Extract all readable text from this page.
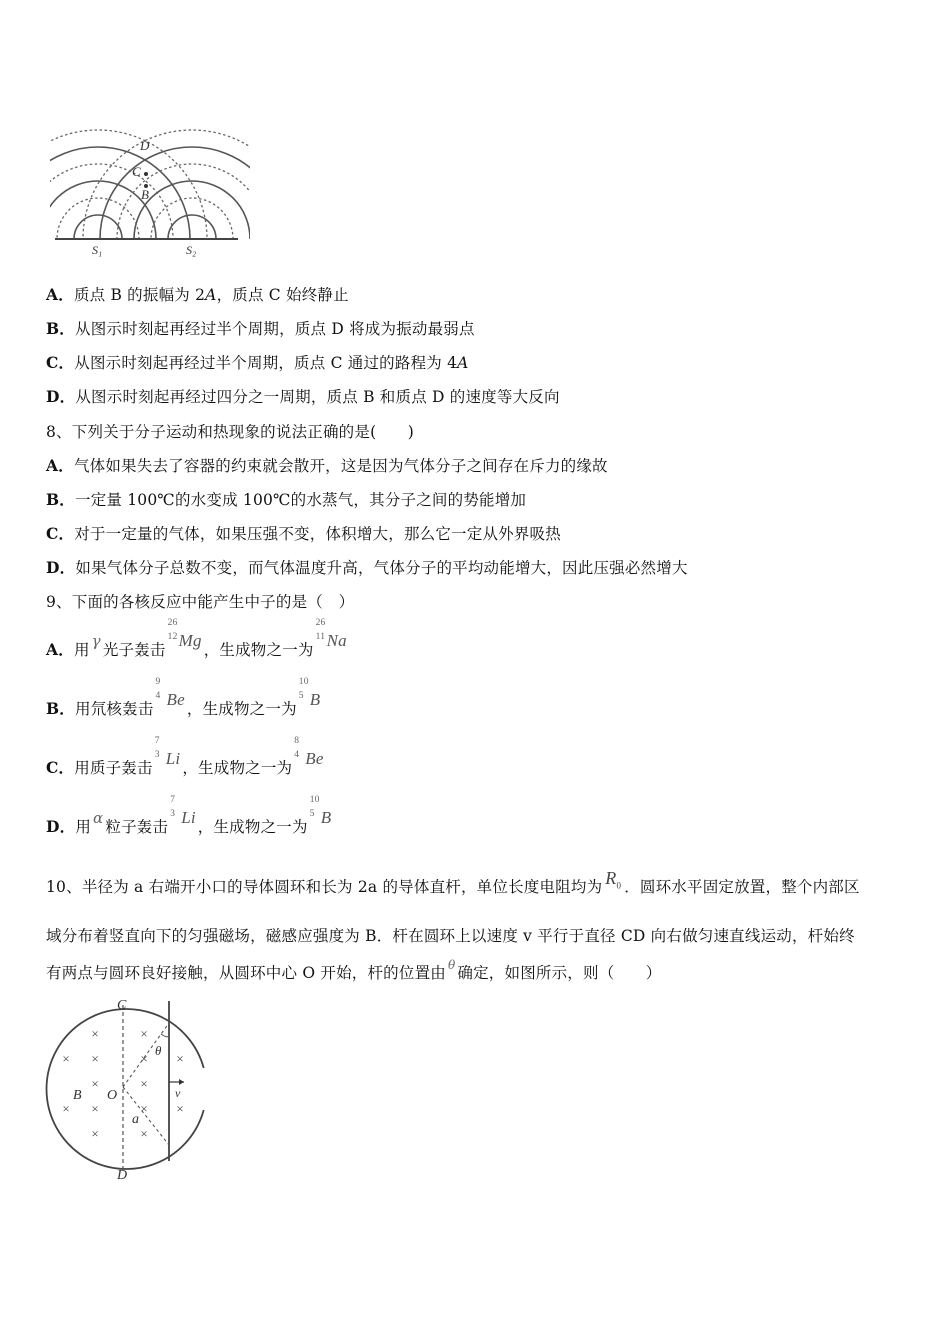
D
C
B
S₁	S₂
A．质点 B 的振幅为 2A，质点 C 始终静止
B．从图示时刻起再经过半个周期，质点 D 将成为振动最弱点
C．从图示时刻起再经过半个周期，质点 C 通过的路程为 4A
D．从图示时刻起再经过四分之一周期，质点 B 和质点 D 的速度等大反向
8、下列关于分子运动和热现象的说法正确的是(　　)
A．气体如果失去了容器的约束就会散开，这是因为气体分子之间存在斥力的缘故
B．一定量 100℃的水变成 100℃的水蒸气，其分子之间的势能增加
C．对于一定量的气体，如果压强不变，体积增大，那么它一定从外界吸热
D．如果气体分子总数不变，而气体温度升高，气体分子的平均动能增大，因此压强必然增大
9、下面的各核反应中能产生中子的是（　）
A．用 γ 光子轰击
26
12 Mg ，生成物之一为
26
11 Na
B．用氘核轰击
9
4 Be ，生成物之一为
10
5 B
C．用质子轰击
7
3 Li ，生成物之一为
8
4 Be
D．用 α 粒子轰击
7
3 Li ，生成物之一为
10
5 B
10、半径为 a 右端开小口的导体圆环和长为 2a 的导体直杆，单位长度电阻均为 $R_0$ ．圆环水平固定放置，整个内部区
域分布着竖直向下的匀强磁场，磁感应强度为 B．杆在圆环上以速度 v 平行于直径 CD 向右做匀速直线运动，杆始终
有两点与圆环良好接触，从圆环中心 O 开始，杆的位置由 $^\theta$ 确定，如图所示，则（　　）
×	×
× ×	× ×
×	×
× ×	× ×
×	×
C
D
O
B
a
θ
v
